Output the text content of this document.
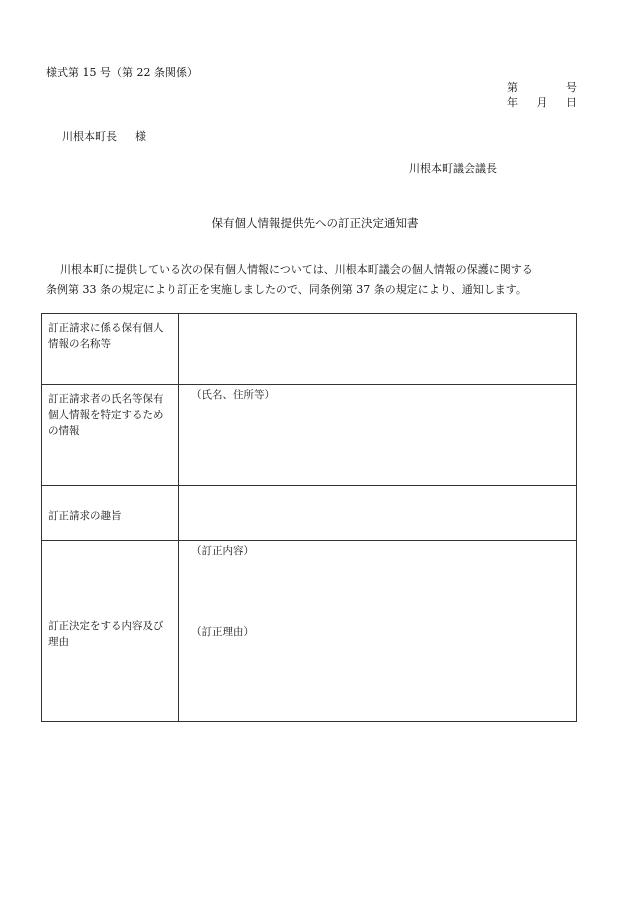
様式第 15 号（第 22 条関係）
第	号
年 月 日
川根本町長 様
川根本町議会議長
保有個人情報提供先への訂正決定通知書

川根本町に提供している次の保有個人情報については、川根本町議会の個人情報の保護に関する

条例第 33 条の規定により訂正を実施しましたので、同条例第 37 条の規定により、通知します。

訂正請求に係る保有個人情報の名称等	
訂正請求者の氏名等保有個人情報を特定するための情報	（氏名、住所等）

訂正請求の趣旨	
訂正決定をする内容及び理由	（訂正内容）
（訂正理由）
